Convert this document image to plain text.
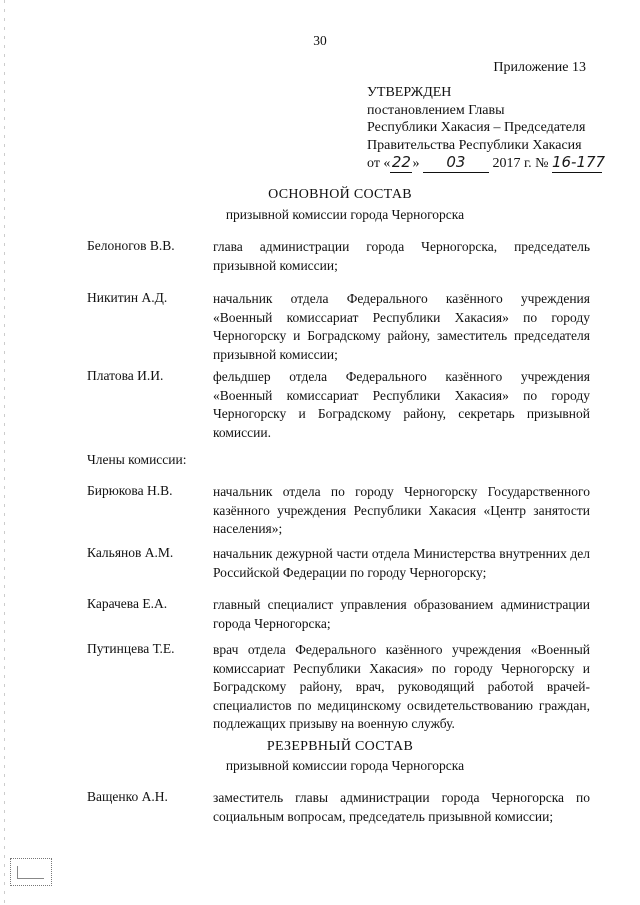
30
Приложение 13
УТВЕРЖДЕН
постановлением Главы
Республики Хакасия – Председателя
Правительства Республики Хакасия
от «22» 03 2017 г. № 16-177
ОСНОВНОЙ СОСТАВ
призывной комиссии города Черногорска
Белоногов В.В.	глава администрации города Черногорска, председатель призывной комиссии;
Никитин А.Д.	начальник отдела Федерального казённого учреждения «Военный комиссариат Республики Хакасия» по городу Черногорску и Боградскому району, заместитель председателя призывной комиссии;
Платова И.И.	фельдшер отдела Федерального казённого учреждения «Военный комиссариат Республики Хакасия» по городу Черногорску и Боградскому району, секретарь призывной комиссии.
Члены комиссии:
Бирюкова Н.В.	начальник отдела по городу Черногорску Государственного казённого учреждения Республики Хакасия «Центр занятости населения»;
Кальянов А.М.	начальник дежурной части отдела Министерства внутренних дел Российской Федерации по городу Черногорску;
Карачева Е.А.	главный специалист управления образованием администрации города Черногорска;
Путинцева Т.Е.	врач отдела Федерального казённого учреждения «Военный комиссариат Республики Хакасия» по городу Черногорску и Боградскому району, врач, руководящий работой врачей-специалистов по медицинскому освидетельствованию граждан, подлежащих призыву на военную службу.
РЕЗЕРВНЫЙ СОСТАВ
призывной комиссии города Черногорска
Ващенко А.Н.	заместитель главы администрации города Черногорска по социальным вопросам, председатель призывной комиссии;
